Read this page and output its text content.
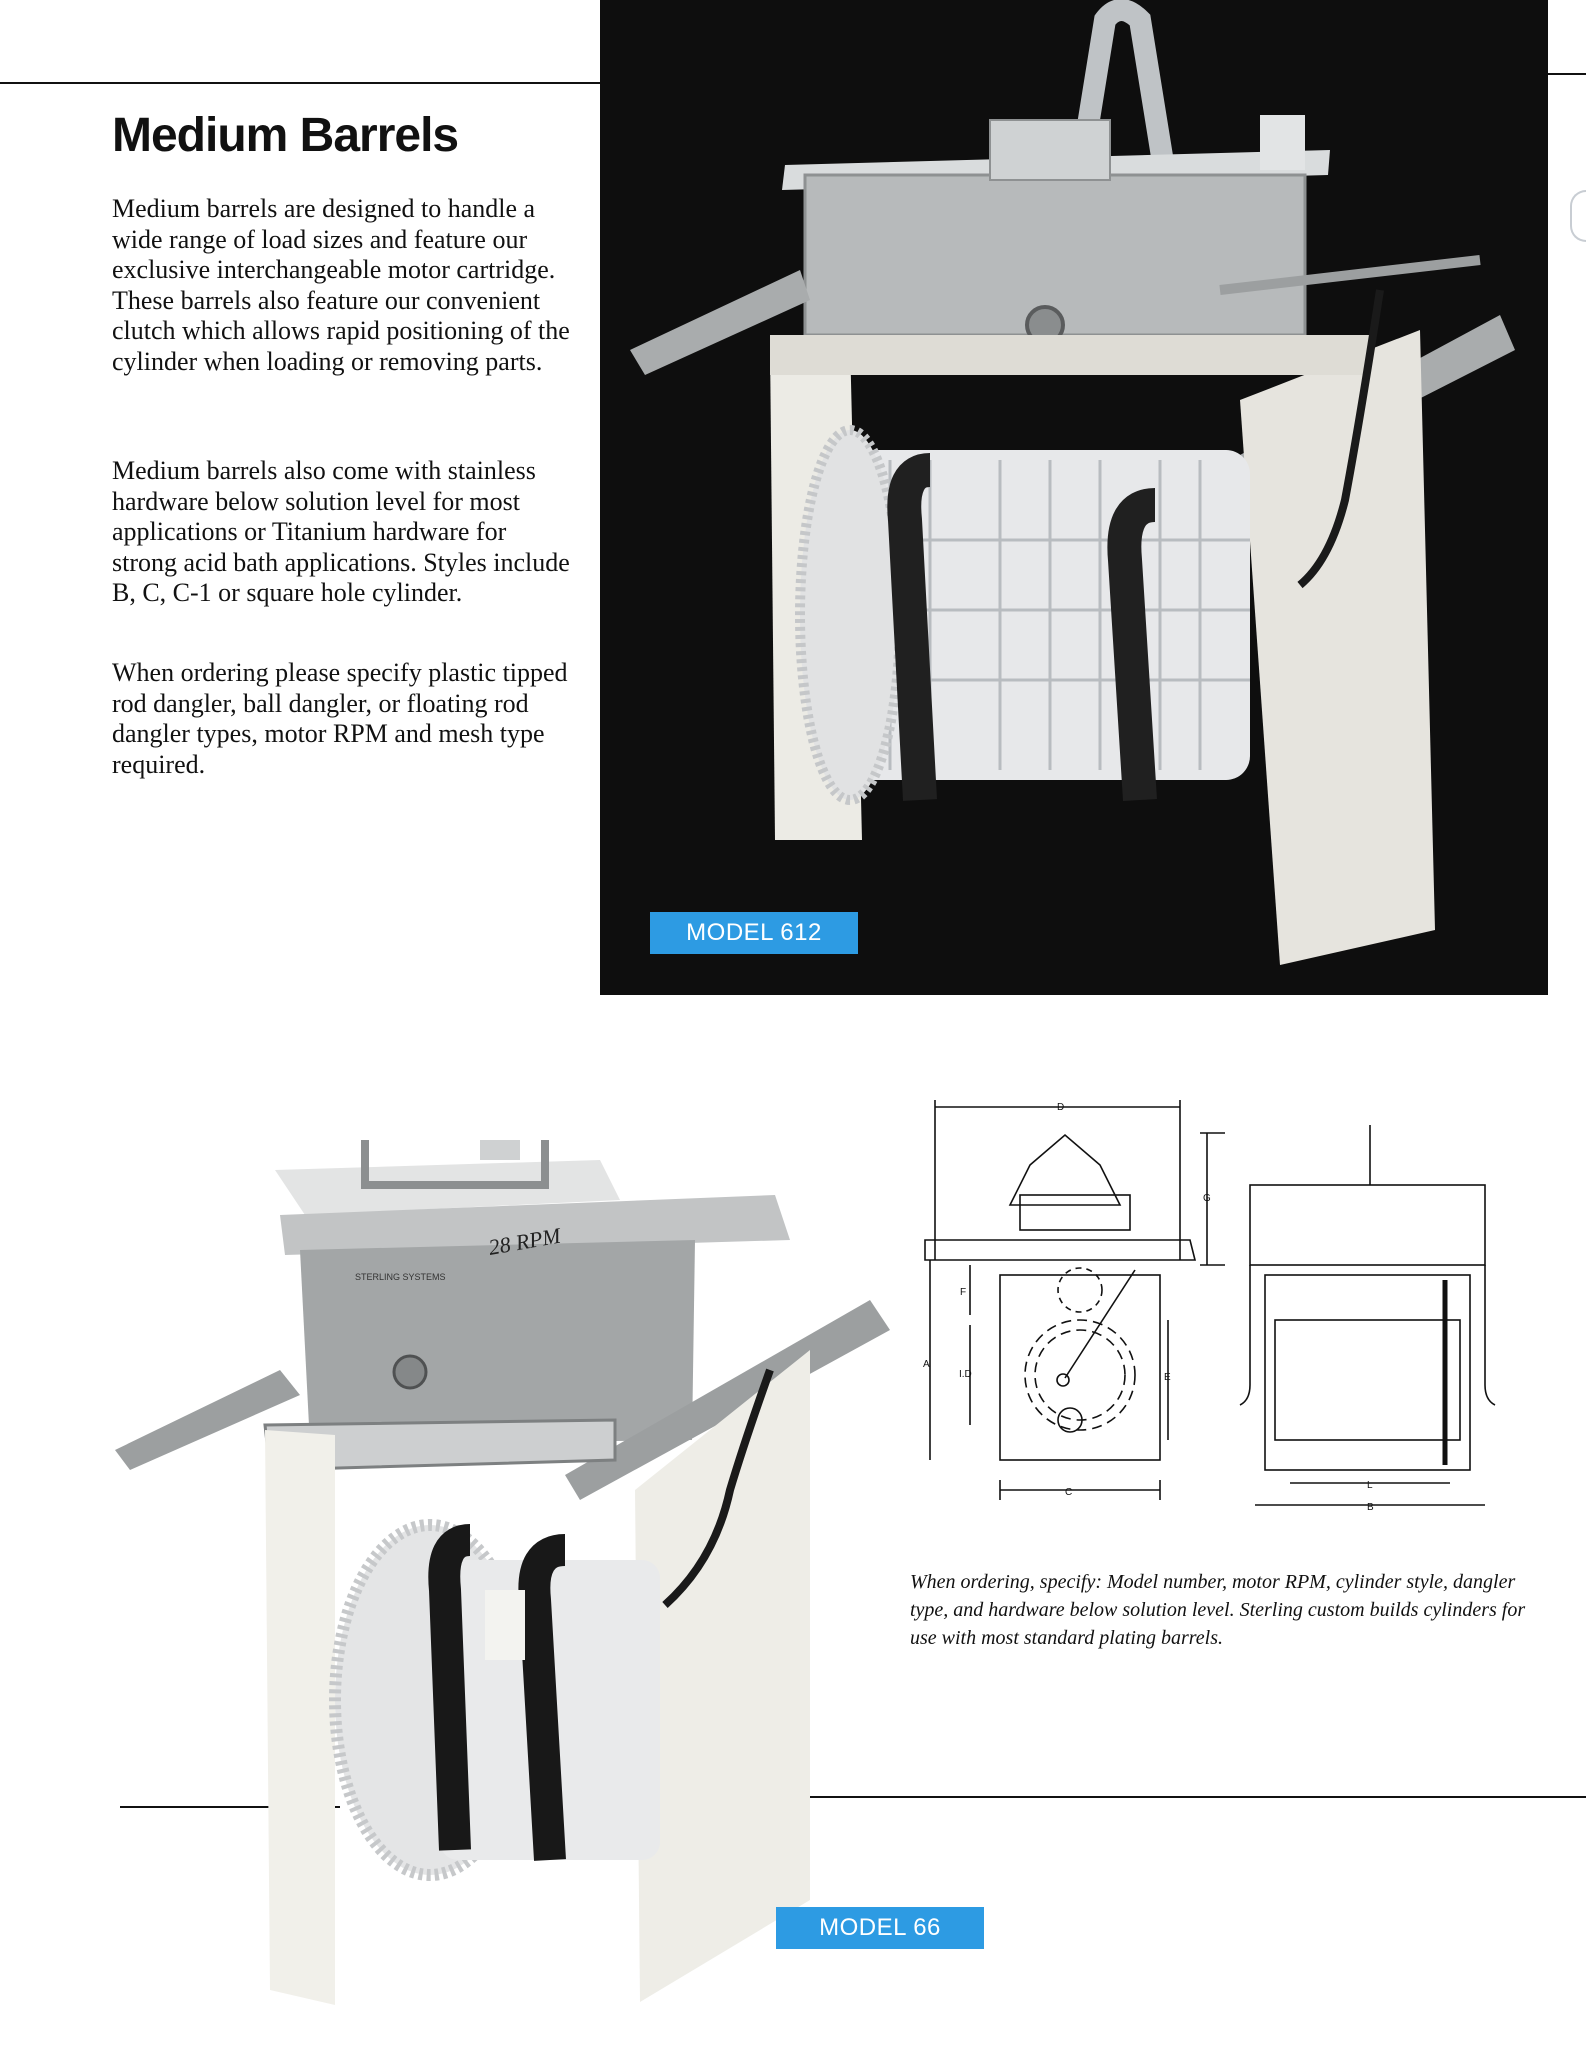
Medium Barrels

Medium barrels are designed to handle a wide range of load sizes and feature our exclusive interchangeable motor cartridge. These barrels also feature our convenient clutch which allows rapid positioning of the cylinder when loading or removing parts.

Medium barrels also come with stainless hardware below solution level for most applications or Titanium hardware for strong acid bath applications. Styles include B, C, C-1 or square hole cylinder.

When ordering please specify plastic tipped rod dangler, ball dangler, or floating rod dangler types, motor RPM and mesh type required.

MODEL 612
28 RPM
STERLING SYSTEMS
MODEL 66
D
F
A
I.D	E
C
G
L
B

When ordering, specify: Model number, motor RPM, cylinder style, dangler type, and hardware below solution level. Sterling custom builds cylinders for use with most standard plating barrels.
